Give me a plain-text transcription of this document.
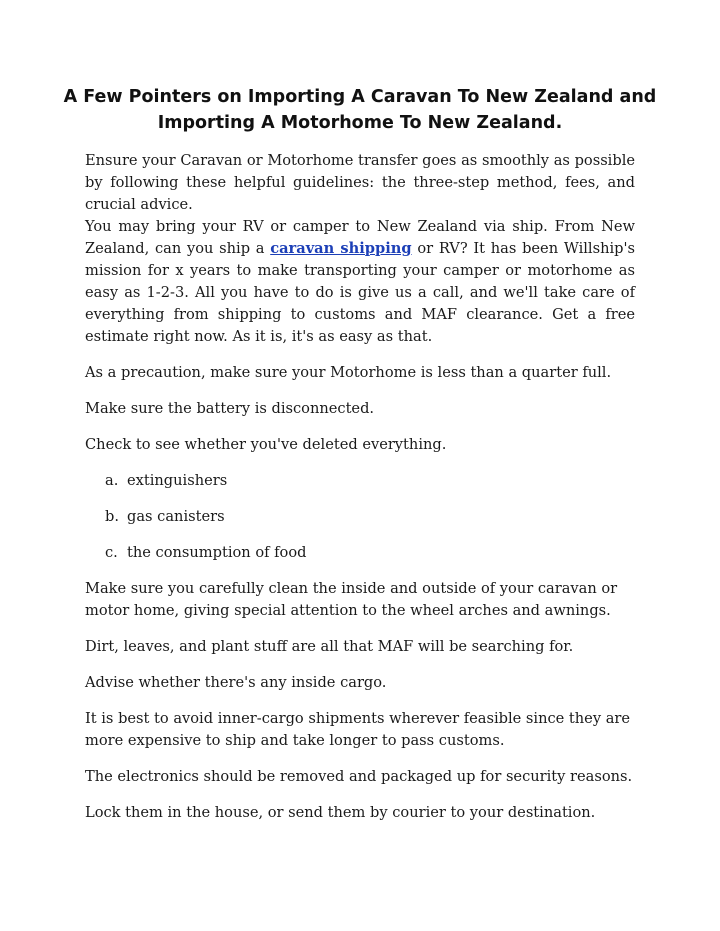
A Few Pointers on Importing A Caravan To New Zealand and Importing A Motorhome To New Zealand.

Ensure your Caravan or Motorhome transfer goes as smoothly as possible by following these helpful guidelines: the three-step method, fees, and crucial advice.

You may bring your RV or camper to New Zealand via ship. From New Zealand, can you ship a caravan shipping or RV? It has been Willship's mission for x years to make transporting your camper or motorhome as easy as 1-2-3. All you have to do is give us a call, and we'll take care of everything from shipping to customs and MAF clearance. Get a free estimate right now. As it is, it's as easy as that.

As a precaution, make sure your Motorhome is less than a quarter full.

Make sure the battery is disconnected.

Check to see whether you've deleted everything.

a. extinguishers
b. gas canisters
c. the consumption of food

Make sure you carefully clean the inside and outside of your caravan or motor home, giving special attention to the wheel arches and awnings.

Dirt, leaves, and plant stuff are all that MAF will be searching for.

Advise whether there's any inside cargo.

It is best to avoid inner-cargo shipments wherever feasible since they are more expensive to ship and take longer to pass customs.

The electronics should be removed and packaged up for security reasons.

Lock them in the house, or send them by courier to your destination.
